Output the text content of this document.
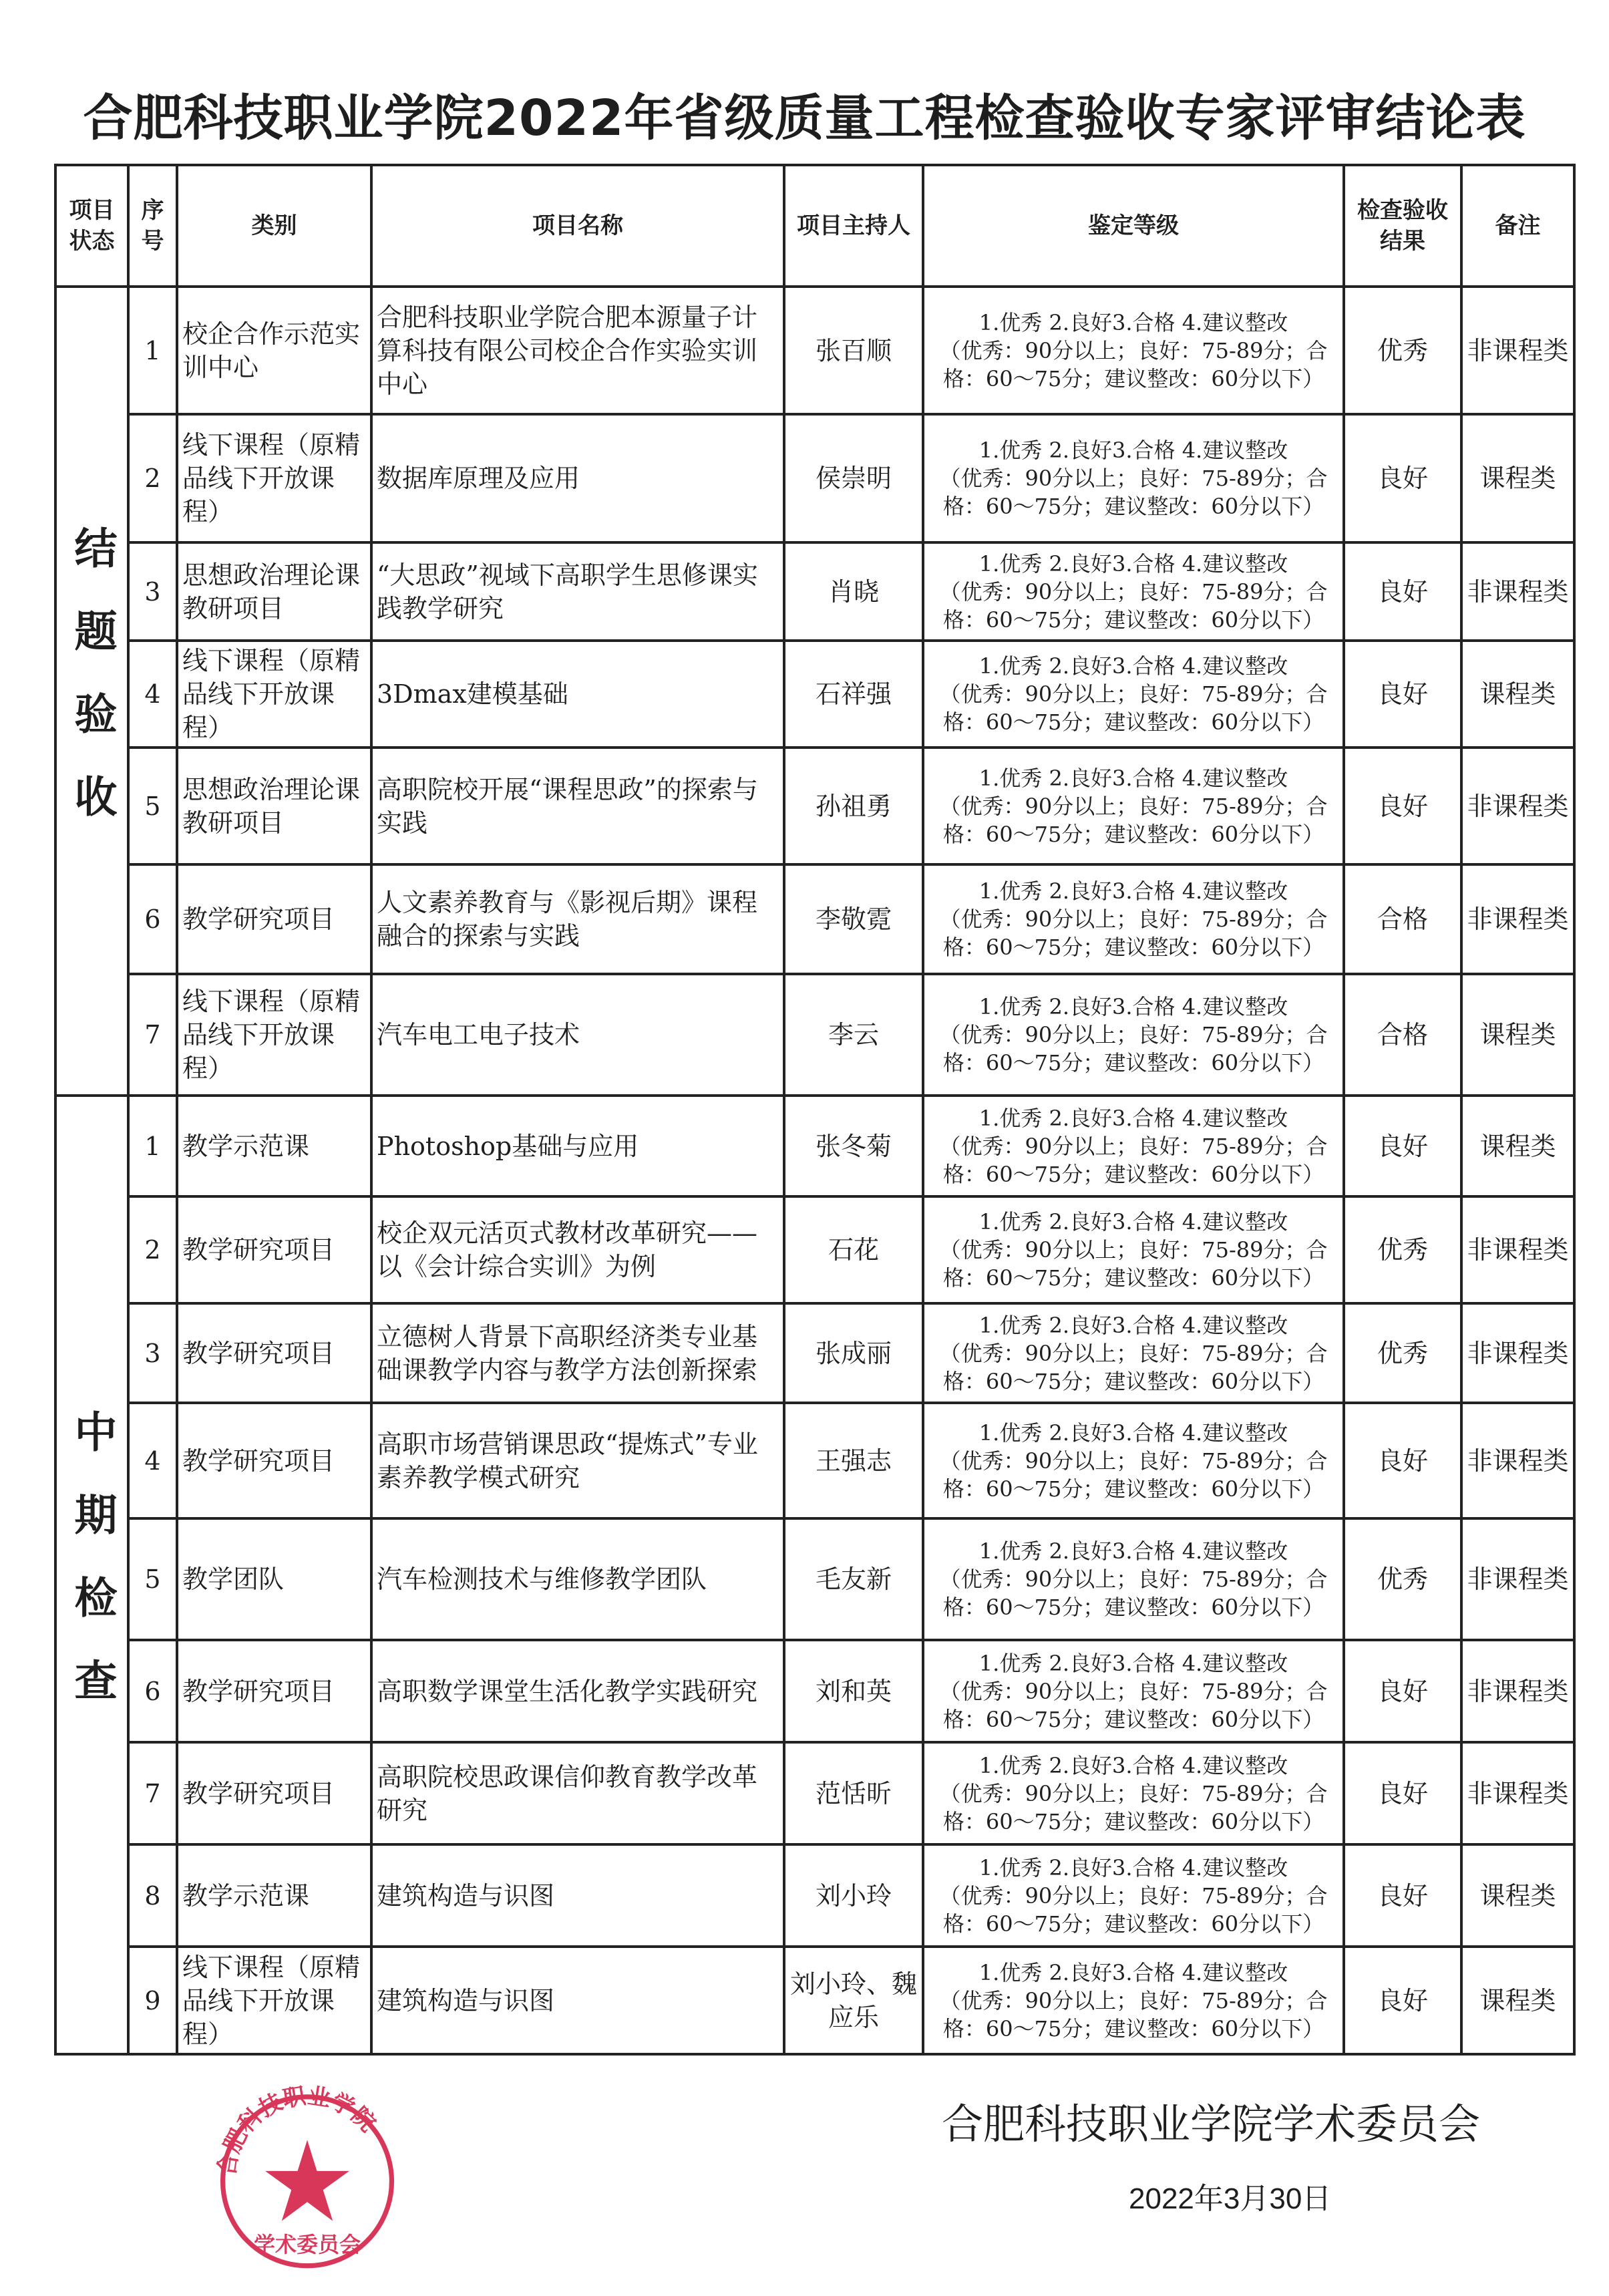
合肥科技职业学院2022年省级质量工程检查验收专家评审结论表
项目状态	序号	类别	项目名称	项目主持人	鉴定等级	检查验收结果	备注

结题验收	1	校企合作示范实训中心	合肥科技职业学院合肥本源量子计算科技有限公司校企合作实验实训中心	张百顺	1.优秀 2.良好3.合格 4.建议整改
（优秀：90分以上；良好：75-89分；合
格：60～75分；建议整改：60分以下）	优秀	非课程类
	2	线下课程（原精品线下开放课程）	数据库原理及应用	侯崇明	1.优秀 2.良好3.合格 4.建议整改
（优秀：90分以上；良好：75-89分；合
格：60～75分；建议整改：60分以下）	良好	课程类
	3	思想政治理论课教研项目	“大思政”视域下高职学生思修课实践教学研究	肖晓	1.优秀 2.良好3.合格 4.建议整改
（优秀：90分以上；良好：75-89分；合
格：60～75分；建议整改：60分以下）	良好	非课程类
	4	线下课程（原精品线下开放课程）	3Dmax建模基础	石祥强	1.优秀 2.良好3.合格 4.建议整改
（优秀：90分以上；良好：75-89分；合
格：60～75分；建议整改：60分以下）	良好	课程类
	5	思想政治理论课教研项目	高职院校开展“课程思政”的探索与实践	孙祖勇	1.优秀 2.良好3.合格 4.建议整改
（优秀：90分以上；良好：75-89分；合
格：60～75分；建议整改：60分以下）	良好	非课程类
	6	教学研究项目	人文素养教育与《影视后期》课程融合的探索与实践	李敬霓	1.优秀 2.良好3.合格 4.建议整改
（优秀：90分以上；良好：75-89分；合
格：60～75分；建议整改：60分以下）	合格	非课程类
	7	线下课程（原精品线下开放课程）	汽车电工电子技术	李云	1.优秀 2.良好3.合格 4.建议整改
（优秀：90分以上；良好：75-89分；合
格：60～75分；建议整改：60分以下）	合格	课程类

中期检查	1	教学示范课	Photoshop基础与应用	张冬菊	1.优秀 2.良好3.合格 4.建议整改
（优秀：90分以上；良好：75-89分；合
格：60～75分；建议整改：60分以下）	良好	课程类
	2	教学研究项目	校企双元活页式教材改革研究——以《会计综合实训》为例	石花	1.优秀 2.良好3.合格 4.建议整改
（优秀：90分以上；良好：75-89分；合
格：60～75分；建议整改：60分以下）	优秀	非课程类
	3	教学研究项目	立德树人背景下高职经济类专业基础课教学内容与教学方法创新探索	张成丽	1.优秀 2.良好3.合格 4.建议整改
（优秀：90分以上；良好：75-89分；合
格：60～75分；建议整改：60分以下）	优秀	非课程类
	4	教学研究项目	高职市场营销课思政“提炼式”专业素养教学模式研究	王强志	1.优秀 2.良好3.合格 4.建议整改
（优秀：90分以上；良好：75-89分；合
格：60～75分；建议整改：60分以下）	良好	非课程类
	5	教学团队	汽车检测技术与维修教学团队	毛友新	1.优秀 2.良好3.合格 4.建议整改
（优秀：90分以上；良好：75-89分；合
格：60～75分；建议整改：60分以下）	优秀	非课程类
	6	教学研究项目	高职数学课堂生活化教学实践研究	刘和英	1.优秀 2.良好3.合格 4.建议整改
（优秀：90分以上；良好：75-89分；合
格：60～75分；建议整改：60分以下）	良好	非课程类
	7	教学研究项目	高职院校思政课信仰教育教学改革研究	范恬昕	1.优秀 2.良好3.合格 4.建议整改
（优秀：90分以上；良好：75-89分；合
格：60～75分；建议整改：60分以下）	良好	非课程类
	8	教学示范课	建筑构造与识图	刘小玲	1.优秀 2.良好3.合格 4.建议整改
（优秀：90分以上；良好：75-89分；合
格：60～75分；建议整改：60分以下）	良好	课程类
	9	线下课程（原精品线下开放课程）	建筑构造与识图	刘小玲、魏应乐	1.优秀 2.良好3.合格 4.建议整改
（优秀：90分以上；良好：75-89分；合
格：60～75分；建议整改：60分以下）	良好	课程类
合肥科技职业学院
学术委员会
合肥科技职业学院学术委员会
2022年3月30日
